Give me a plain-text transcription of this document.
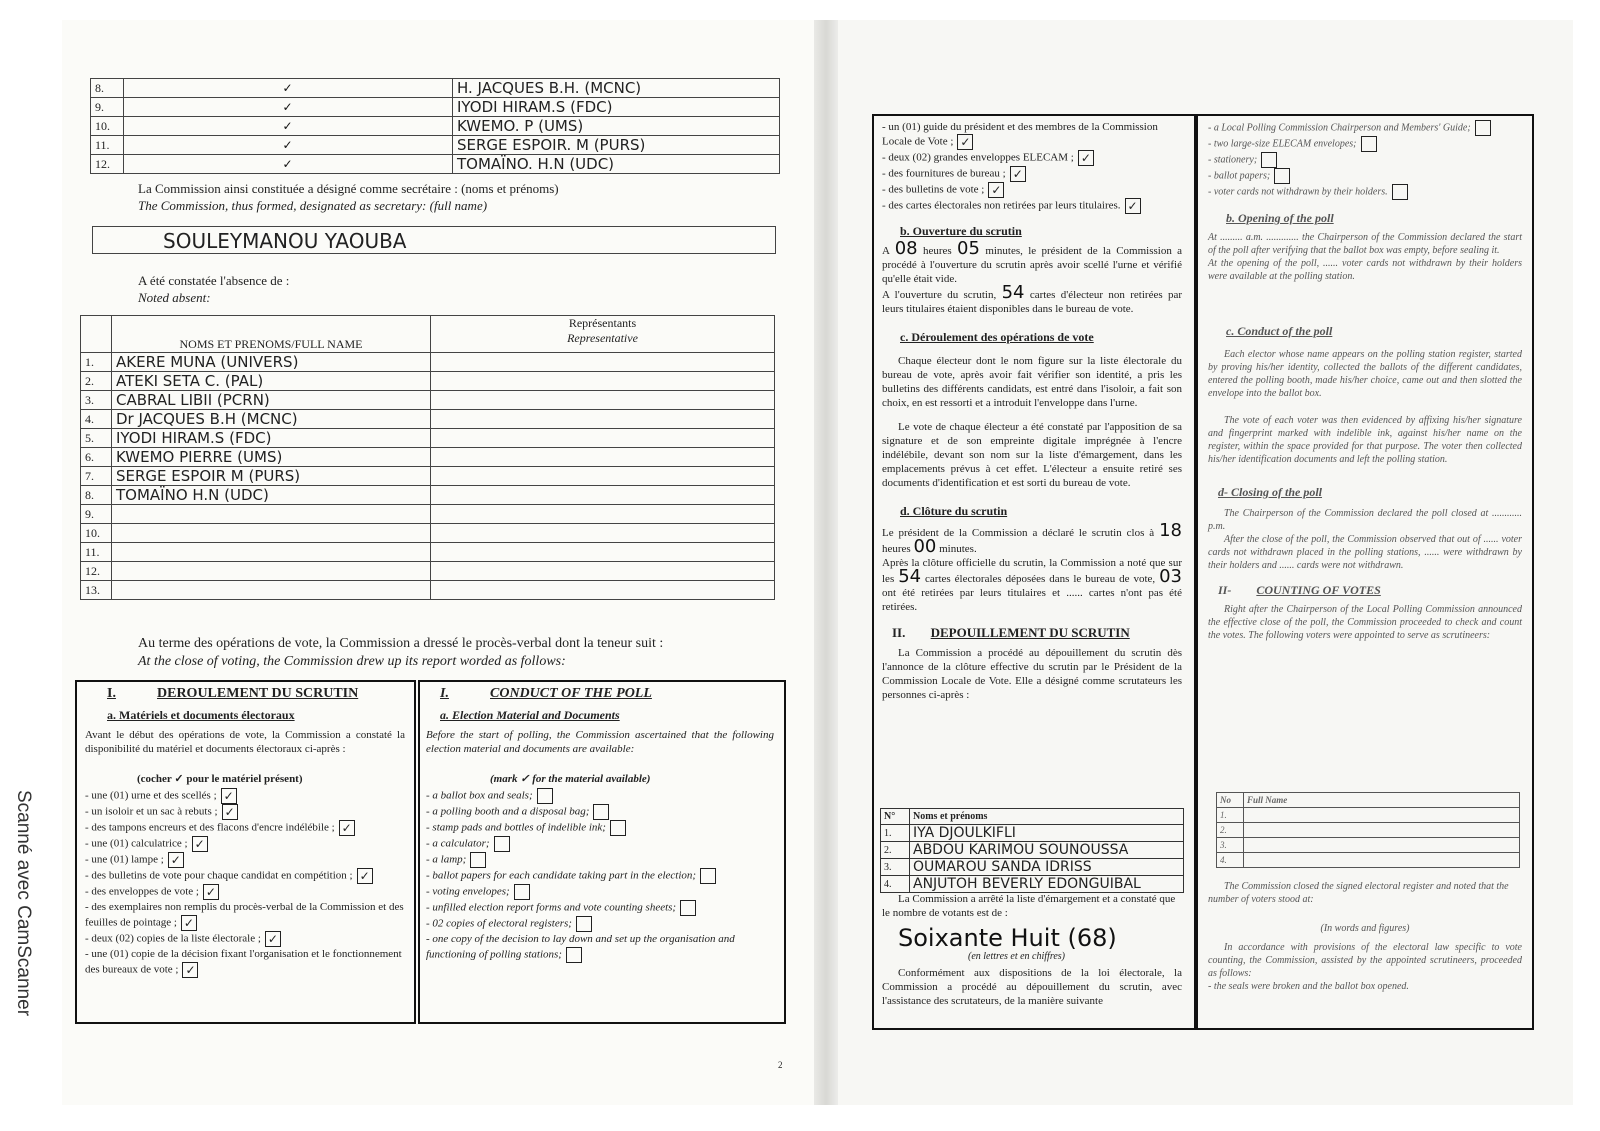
8.	✓	H. JACQUES B.H. (MCNC)
9.	✓	IYODI HIRAM.S (FDC)
10.	✓	KWEMO. P (UMS)
11.	✓	SERGE ESPOIR. M (PURS)
12.	✓	TOMAÏNO. H.N (UDC)
La Commission ainsi constituée a désigné comme secrétaire : (noms et prénoms)
The Commission, thus formed, designated as secretary: (full name)
SOULEYMANOU YAOUBA
A été constatée l'absence de :
Noted absent:
	NOMS ET PRENOMS/FULL NAME	Représentants
Representative

1.	AKERE MUNA (UNIVERS)	
2.	ATEKI SETA C. (PAL)	
3.	CABRAL LIBII (PCRN)	
4.	Dr JACQUES B.H (MCNC)	
5.	IYODI HIRAM.S (FDC)	
6.	KWEMO PIERRE (UMS)	
7.	SERGE ESPOIR M (PURS)	
8.	TOMAÏNO H.N (UDC)	
9.		
10.		
11.		
12.		
13.		
Au terme des opérations de vote, la Commission a dressé le procès-verbal dont la teneur suit :
At the close of voting, the Commission drew up its report worded as follows:
I.	DEROULEMENT DU SCRUTIN
a. Matériels et documents électoraux
Avant le début des opérations de vote, la Commission a constaté la disponibilité du matériel et documents électoraux ci-après :
(cocher ✓ pour le matériel présent)
- une (01) urne et des scellés ; ✓
- un isoloir et un sac à rebuts ; ✓
- des tampons encreurs et des flacons d'encre indélébile ; ✓
- une (01) calculatrice ; ✓
- une (01) lampe ; ✓
- des bulletins de vote pour chaque candidat en compétition ; ✓
- des enveloppes de vote ; ✓
- des exemplaires non remplis du procès-verbal de la Commission et des feuilles de pointage ; ✓
- deux (02) copies de la liste électorale ; ✓
- une (01) copie de la décision fixant l'organisation et le fonctionnement des bureaux de vote ; ✓
I.	CONDUCT OF THE POLL
a. Election Material and Documents
Before the start of polling, the Commission ascertained that the following election material and documents are available:
(mark ✓ for the material available)
- a ballot box and seals;
- a polling booth and a disposal bag;
- stamp pads and bottles of indelible ink;
- a calculator;
- a lamp;
- ballot papers for each candidate taking part in the election;
- voting envelopes;
- unfilled election report forms and vote counting sheets;
- 02 copies of electoral registers;
- one copy of the decision to lay down and set up the organisation and functioning of polling stations;
Scanné avec CamScanner
2

- un (01) guide du président et des membres de la Commission Locale de Vote ; ✓

- deux (02) grandes enveloppes ELECAM ; ✓

- des fournitures de bureau ; ✓

- des bulletins de vote ; ✓

- des cartes électorales non retirées par leurs titulaires. ✓

b. Ouverture du scrutin

A 08 heures 05 minutes, le président de la Commission a procédé à l'ouverture du scrutin après avoir scellé l'urne et vérifié qu'elle était vide.

A l'ouverture du scrutin, 54 cartes d'électeur non retirées par leurs titulaires étaient disponibles dans le bureau de vote.

c. Déroulement des opérations de vote

Chaque électeur dont le nom figure sur la liste électorale du bureau de vote, après avoir fait vérifier son identité, a pris les bulletins des différents candidats, est entré dans l'isoloir, a fait son choix, en est ressorti et a introduit l'enveloppe dans l'urne.

Le vote de chaque électeur a été constaté par l'apposition de sa signature et de son empreinte digitale imprégnée à l'encre indélébile, devant son nom sur la liste d'émargement, dans les emplacements prévus à cet effet. L'électeur a ensuite retiré ses documents d'identification et est sorti du bureau de vote.

d. Clôture du scrutin

Le président de la Commission a déclaré le scrutin clos à 18 heures 00 minutes.

Après la clôture officielle du scrutin, la Commission a noté que sur les 54 cartes électorales déposées dans le bureau de vote, 03 ont été retirées par leurs titulaires et ...... cartes n'ont pas été retirées.

II. DEPOUILLEMENT DU SCRUTIN

La Commission a procédé au dépouillement du scrutin dès l'annonce de la clôture effective du scrutin par le Président de la Commission Locale de Vote. Elle a désigné comme scrutateurs les personnes ci-après :

N°	Noms et prénoms
1.	IYA DJOULKIFLI
2.	ABDOU KARIMOU SOUNOUSSA
3.	OUMAROU SANDA IDRISS
4.	ANJUTOH BEVERLY EDONGUIBAL

La Commission a arrêté la liste d'émargement et a constaté que le nombre de votants est de :

Soixante Huit (68)
(en lettres et en chiffres)
Conformément aux dispositions de la loi électorale, la Commission a procédé au dépouillement du scrutin, avec l'assistance des scrutateurs, de la manière suivante

- a Local Polling Commission Chairperson and Members' Guide;

- two large-size ELECAM envelopes;

- stationery;

- ballot papers;

- voter cards not withdrawn by their holders.

b. Opening of the poll

At ......... a.m. ............. the Chairperson of the Commission declared the start of the poll after verifying that the ballot box was empty, before sealing it.

At the opening of the poll, ...... voter cards not withdrawn by their holders were available at the polling station.

c. Conduct of the poll

Each elector whose name appears on the polling station register, started by proving his/her identity, collected the ballots of the different candidates, entered the polling booth, made his/her choice, came out and then slotted the envelope into the ballot box.

The vote of each voter was then evidenced by affixing his/her signature and fingerprint marked with indelible ink, against his/her name on the register, within the space provided for that purpose. The voter then collected his/her identification documents and left the polling station.

d- Closing of the poll

The Chairperson of the Commission declared the poll closed at ............ p.m.

After the close of the poll, the Commission observed that out of ...... voter cards not withdrawn placed in the polling stations, ...... were withdrawn by their holders and ...... cards were not withdrawn.

II- COUNTING OF VOTES

Right after the Chairperson of the Local Polling Commission announced the effective close of the poll, the Commission proceeded to check and count the votes. The following voters were appointed to serve as scrutineers:

No	Full Name
1.	
2.	
3.	
4.	

The Commission closed the signed electoral register and noted that the number of voters stood at:

(In words and figures)

In accordance with provisions of the electoral law specific to vote counting, the Commission, assisted by the appointed scrutineers, proceeded as follows:

- the seals were broken and the ballot box opened.
